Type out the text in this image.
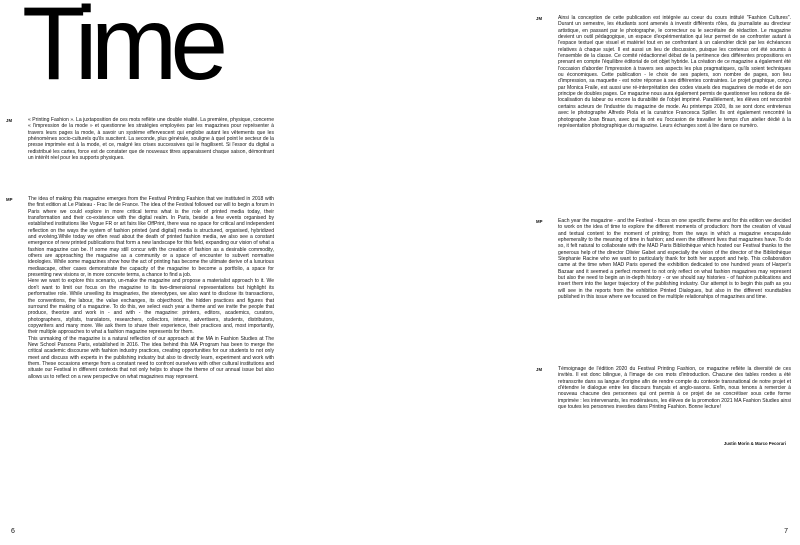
Time
JM	« Printing Fashion ». La juxtaposition de ces mots reflète une double réalité. La première, physique, concerne « l'impression de la mode » et questionne les stratégies employées par les magazines pour représenter à travers leurs pages la mode, à savoir un système effervescent qui englobe autant les vêtements que les phénomènes socio-culturels qu'ils suscitent. La seconde, plus générale, souligne à quel point le secteur de la presse imprimée est à la mode, et ce, malgré les crises successives qui le fragilisent. Si l'essor du digital a redistribué les cartes, force est de constater que de nouveaux titres apparaissent chaque saison, démontrant un intérêt réel pour les supports physiques.
MP	The idea of making this magazine emerges from the Festival Printing Fashion that we instituted in 2018 with the first edition at Le Plateau - Frac Ile de France. The idea of the Festival followed our will to begin a forum in Paris where we could explore in more critical terms what is the role of printed media today, their transformation and their co-existence with the digital realm. In Paris, beside a few events organised by established institutions like Vogue FR or art fairs like OffPrint, there was no space for critical and independent reflection on the ways the system of fashion printed (and digital) media is structured, organised, hybridized and evolving.While today we often read about the death of printed fashion media, we also see a constant emergence of new printed publications that form a new landscape for this field, expanding our vision of what a fashion magazine can be. If some may still concur with the creation of fashion as a desirable commodity, others are approaching the magazine as a community or a space of encounter to subvert normative ideologies. While some magazines show how the act of printing has become the ultimate derive of a luxurious mediascape, other cases demonstrate the capacity of the magazine to become a portfolio, a space for presenting new visions or, in more concrete terms, a chance to find a job.
Here we want to explore this scenario, un-make the magazine and propose a materialist approach to it. We don't want to limit our focus on the magazine to its two-dimensional representations but highlight its performative role. While unveiling its imaginaries, the stereotypes, we also want to disclose its transactions, the conventions, the labour, the value exchanges, its objecthood, the hidden practices and figures that surround the making of a magazine. To do this, we select each year a theme and we invite the people that produce, theorize and work in - and with - the magazine: printers, editors, academics, curators, photographers, stylists, translators, researchers, collectors, interns, advertisers, students, distributors, copywriters and many more. We ask them to share their experience, their practices and, most importantly, their multiple approaches to what a fashion magazine represents for them.
This unmaking of the magazine is a natural reflection of our approach at the MA in Fashion Studies at The New School Parsons Paris, established in 2016. The idea behind this MA Program has been to merge the critical academic discourse with fashion industry practices, creating opportunities for our students to not only meet and discuss with experts in the publishing industry but also to directly learn, experiment and work with them. These occasions emerge from a constant need to confront ourselves with other cultural institutions and situate our Festival in different contexts that not only helps to shape the theme of our annual issue but also allows us to reflect on a new perspective on what magazines may represent.
6
JM	Ainsi la conception de cette publication est intégrée au coeur du cours intitulé "Fashion Cultures". Durant un semestre, les étudiants sont amenés à investir différents rôles, du journaliste au directeur artistique, en passant par le photographe, le correcteur ou le secrétaire de rédaction. Le magazine devient un outil pédagogique, un espace d'expérimentation qui leur permet de se confronter autant à l'espace textuel que visuel et matériel tout en se confrontant à un calendrier dicté par les échéances relatives à chaque sujet. Il est aussi un lieu de discussion, puisque les contenus ont été soumis à l'ensemble de la classe. Ce comité rédactionnel débat de la pertinence des différentes propositions en prenant en compte l'équilibre éditorial de cet objet hybride. La création de ce magazine a également été l'occasion d'aborder l'impression à travers ses aspects les plus pragmatiques, qu'ils soient techniques ou économiques. Cette publication - le choix de ses papiers, son nombre de pages, son lieu d'impression, sa maquette - est notre réponse à ses différentes contraintes. Le projet graphique, conçu par Monica Fraile, est aussi une ré-interprétation des codes visuels des magazines de mode et de son principe de doubles pages. Ce magazine nous aura également permis de questionner les notions de dé-localisation du labeur ou encore la durabilité de l'objet imprimé. Parallèlement, les élèves ont rencontré certains acteurs de l'industrie du magazine de mode. Au printemps 2020, ils se sont donc entretenus avec le photographe Alfredo Piola et la curatrice Francesca Spiller. Ils ont également rencontré la photographe Joan Braun, avec qui ils ont eu l'occasion de travailler le temps d'un atelier dédié à la représentation photographique du magazine. Leurs échanges sont à lire dans ce numéro.
MP	Each year the magazine - and the Festival - focus on one specific theme and for this edition we decided to work on the idea of time to explore the different moments of production: from the creation of visual and textual content to the moment of printing; from the ways in which a magazine encapsulate ephemerality to the meaning of time in fashion; and even the different lives that magazines have. To do so, it felt natural to collaborate with the MAD Paris Bibliothèque which hosted our Festival thanks to the generous help of the director Olivier Gabet and especially the vision of the director of the Bibliothèque Stephanie Racine who we want to particularly thank for both her support and help. This collaboration came at the time when MAD Paris opened the exhibition dedicated to one hundred years of Harper's Bazaar and it seemed a perfect moment to not only reflect on what fashion magazines may represent but also the need to begin an in-depth history - or we should say histories - of fashion publications and insert them into the larger trajectory of the publishing industry. Our attempt is to begin this path as you will see in the reports from the exhibition Printed Dialogues, but also in the different roundtables published in this issue where we focused on the multiple relationships of magazines and time.
JM	Témoignage de l'édition 2020 du Festival Printing Fashion, ce magazine reflète la diversité de ces invités. Il est donc bilingue, à l'image de ces mots d'introduction. Chacune des tables rondes a été retranscrite dans sa langue d'origine afin de rendre compte du contexte transnational de notre projet et d'étendre le dialogue entre les discours français et anglo-saxons. Enfin, nous tenons à remercier à nouveau chacune des personnes qui ont permis à ce projet de se concrétiser sous cette forme imprimée : les intervenants, les modérateurs, les élèves de la promotion 2021 MA Fashion Studies ainsi que toutes les personnes investies dans Printing Fashion. Bonne lecture!
Justin Morin & Marco Pecorari
7
